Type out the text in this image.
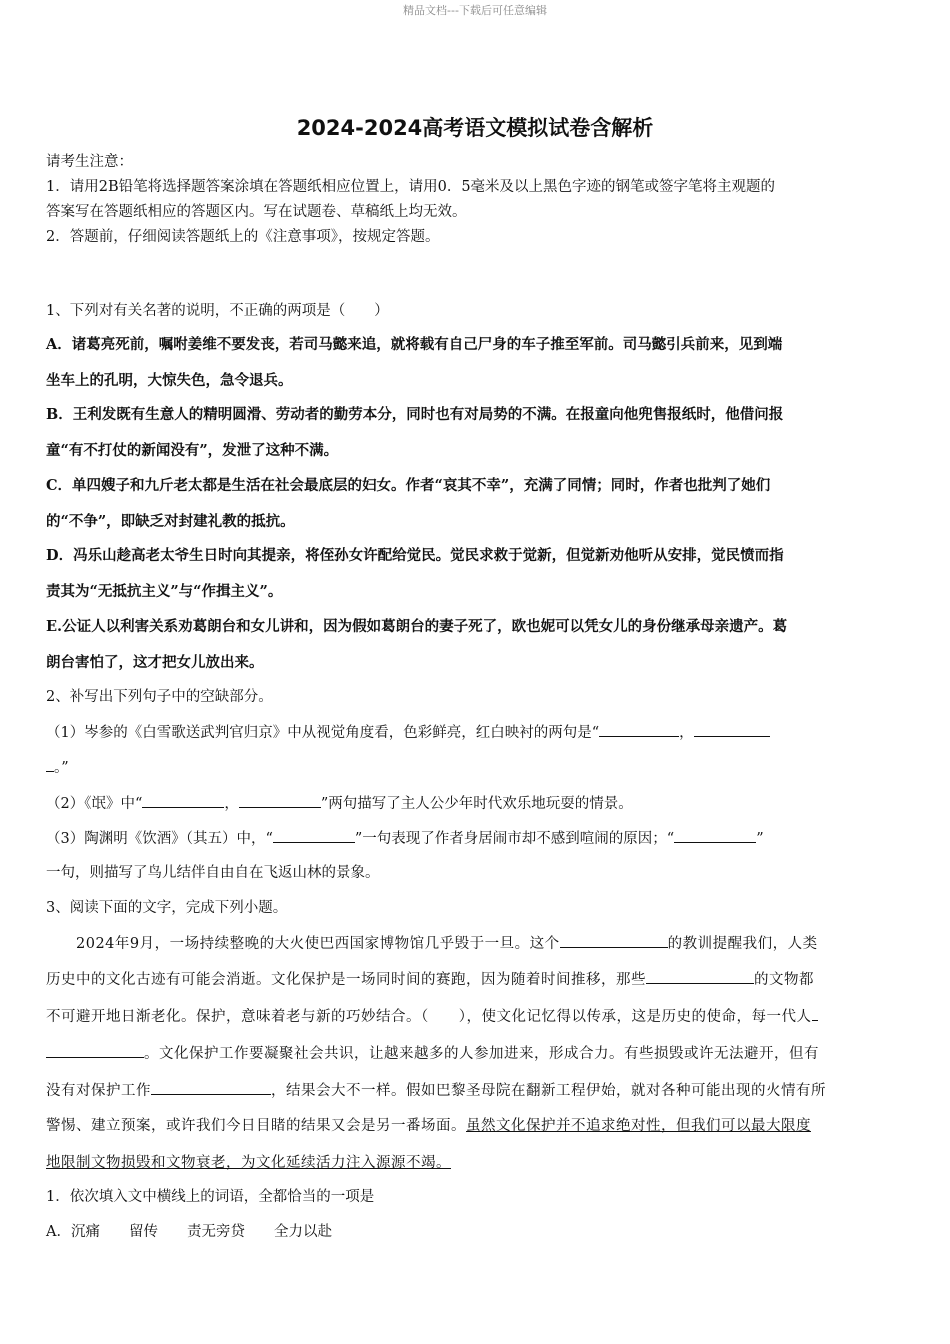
精品文档---下载后可任意编辑
2024-2024高考语文模拟试卷含解析
请考生注意：
1．请用2B铅笔将选择题答案涂填在答题纸相应位置上，请用0．5毫米及以上黑色字迹的钢笔或签字笔将主观题的
答案写在答题纸相应的答题区内。写在试题卷、草稿纸上均无效。
2．答题前，仔细阅读答题纸上的《注意事项》，按规定答题。
1、下列对有关名著的说明，不正确的两项是（　　）
A．诸葛亮死前，嘱咐姜维不要发丧，若司马懿来追，就将载有自己尸身的车子推至军前。司马懿引兵前来，见到端
坐车上的孔明，大惊失色，急令退兵。
B．王利发既有生意人的精明圆滑、劳动者的勤劳本分，同时也有对局势的不满。在报童向他兜售报纸时，他借问报
童“有不打仗的新闻没有”，发泄了这种不满。
C．单四嫂子和九斤老太都是生活在社会最底层的妇女。作者“哀其不幸”，充满了同情；同时，作者也批判了她们
的“不争”，即缺乏对封建礼教的抵抗。
D．冯乐山趁高老太爷生日时向其提亲，将侄孙女许配给觉民。觉民求救于觉新，但觉新劝他听从安排，觉民愤而指
责其为“无抵抗主义”与“作揖主义”。
E.公证人以利害关系劝葛朗台和女儿讲和，因为假如葛朗台的妻子死了，欧也妮可以凭女儿的身份继承母亲遗产。葛
朗台害怕了，这才把女儿放出来。
2、补写出下列句子中的空缺部分。
（1）岑参的《白雪歌送武判官归京》中从视觉角度看，色彩鲜亮，红白映衬的两句是“	，
。”
（2）《氓》中“	，	”两句描写了主人公少年时代欢乐地玩耍的情景。
（3）陶渊明《饮酒》（其五）中，“	”一句表现了作者身居闹市却不感到喧闹的原因；“	”
一句，则描写了鸟儿结伴自由自在飞返山林的景象。
3、阅读下面的文字，完成下列小题。
2024年9月，一场持续整晚的大火使巴西国家博物馆几乎毁于一旦。这个	的教训提醒我们，人类
历史中的文化古迹有可能会消逝。文化保护是一场同时间的赛跑，因为随着时间推移，那些	的文物都
不可避开地日渐老化。保护，意味着老与新的巧妙结合。（　　），使文化记忆得以传承，这是历史的使命，每一代人
。文化保护工作要凝聚社会共识，让越来越多的人参加进来，形成合力。有些损毁或许无法避开，但有
没有对保护工作	，结果会大不一样。假如巴黎圣母院在翻新工程伊始，就对各种可能出现的火情有所
警惕、建立预案，或许我们今日目睹的结果又会是另一番场面。虽然文化保护并不追求绝对性，但我们可以最大限度
地限制文物损毁和文物衰老，为文化延续活力注入源源不竭。
1．依次填入文中横线上的词语，全都恰当的一项是
A．沉痛　　留传　　责无旁贷　　全力以赴
